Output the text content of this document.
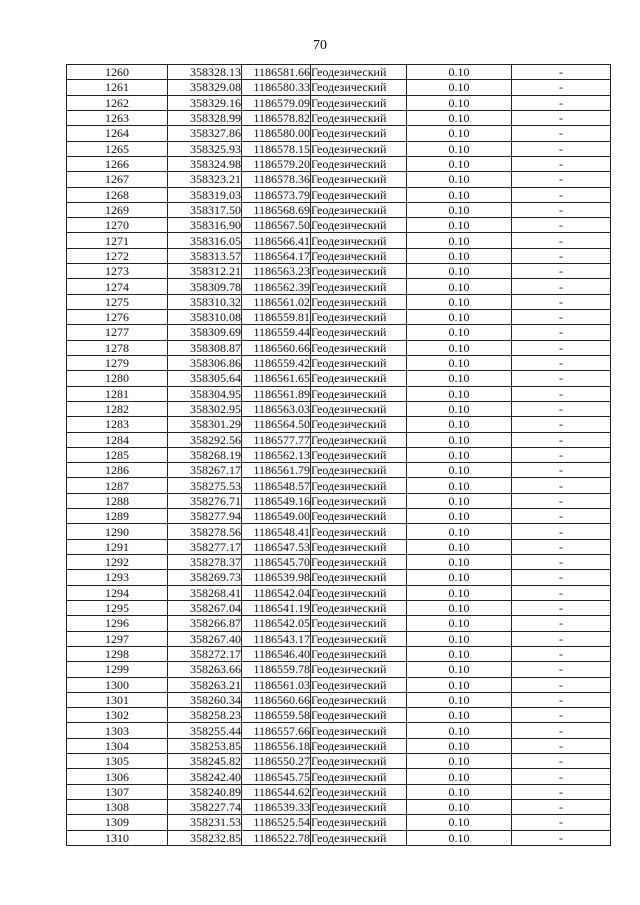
70
1260	358328.13	1186581.66	Геодезический	0.10	-
1261	358329.08	1186580.33	Геодезический	0.10	-
1262	358329.16	1186579.09	Геодезический	0.10	-
1263	358328.99	1186578.82	Геодезический	0.10	-
1264	358327.86	1186580.00	Геодезический	0.10	-
1265	358325.93	1186578.15	Геодезический	0.10	-
1266	358324.98	1186579.20	Геодезический	0.10	-
1267	358323.21	1186578.36	Геодезический	0.10	-
1268	358319.03	1186573.79	Геодезический	0.10	-
1269	358317.50	1186568.69	Геодезический	0.10	-
1270	358316.90	1186567.50	Геодезический	0.10	-
1271	358316.05	1186566.41	Геодезический	0.10	-
1272	358313.57	1186564.17	Геодезический	0.10	-
1273	358312.21	1186563.23	Геодезический	0.10	-
1274	358309.78	1186562.39	Геодезический	0.10	-
1275	358310.32	1186561.02	Геодезический	0.10	-
1276	358310.08	1186559.81	Геодезический	0.10	-
1277	358309.69	1186559.44	Геодезический	0.10	-
1278	358308.87	1186560.66	Геодезический	0.10	-
1279	358306.86	1186559.42	Геодезический	0.10	-
1280	358305.64	1186561.65	Геодезический	0.10	-
1281	358304.95	1186561.89	Геодезический	0.10	-
1282	358302.95	1186563.03	Геодезический	0.10	-
1283	358301.29	1186564.50	Геодезический	0.10	-
1284	358292.56	1186577.77	Геодезический	0.10	-
1285	358268.19	1186562.13	Геодезический	0.10	-
1286	358267.17	1186561.79	Геодезический	0.10	-
1287	358275.53	1186548.57	Геодезический	0.10	-
1288	358276.71	1186549.16	Геодезический	0.10	-
1289	358277.94	1186549.00	Геодезический	0.10	-
1290	358278.56	1186548.41	Геодезический	0.10	-
1291	358277.17	1186547.53	Геодезический	0.10	-
1292	358278.37	1186545.70	Геодезический	0.10	-
1293	358269.73	1186539.98	Геодезический	0.10	-
1294	358268.41	1186542.04	Геодезический	0.10	-
1295	358267.04	1186541.19	Геодезический	0.10	-
1296	358266.87	1186542.05	Геодезический	0.10	-
1297	358267.40	1186543.17	Геодезический	0.10	-
1298	358272.17	1186546.40	Геодезический	0.10	-
1299	358263.66	1186559.78	Геодезический	0.10	-
1300	358263.21	1186561.03	Геодезический	0.10	-
1301	358260.34	1186560.66	Геодезический	0.10	-
1302	358258.23	1186559.58	Геодезический	0.10	-
1303	358255.44	1186557.66	Геодезический	0.10	-
1304	358253.85	1186556.18	Геодезический	0.10	-
1305	358245.82	1186550.27	Геодезический	0.10	-
1306	358242.40	1186545.75	Геодезический	0.10	-
1307	358240.89	1186544.62	Геодезический	0.10	-
1308	358227.74	1186539.33	Геодезический	0.10	-
1309	358231.53	1186525.54	Геодезический	0.10	-
1310	358232.85	1186522.78	Геодезический	0.10	-
